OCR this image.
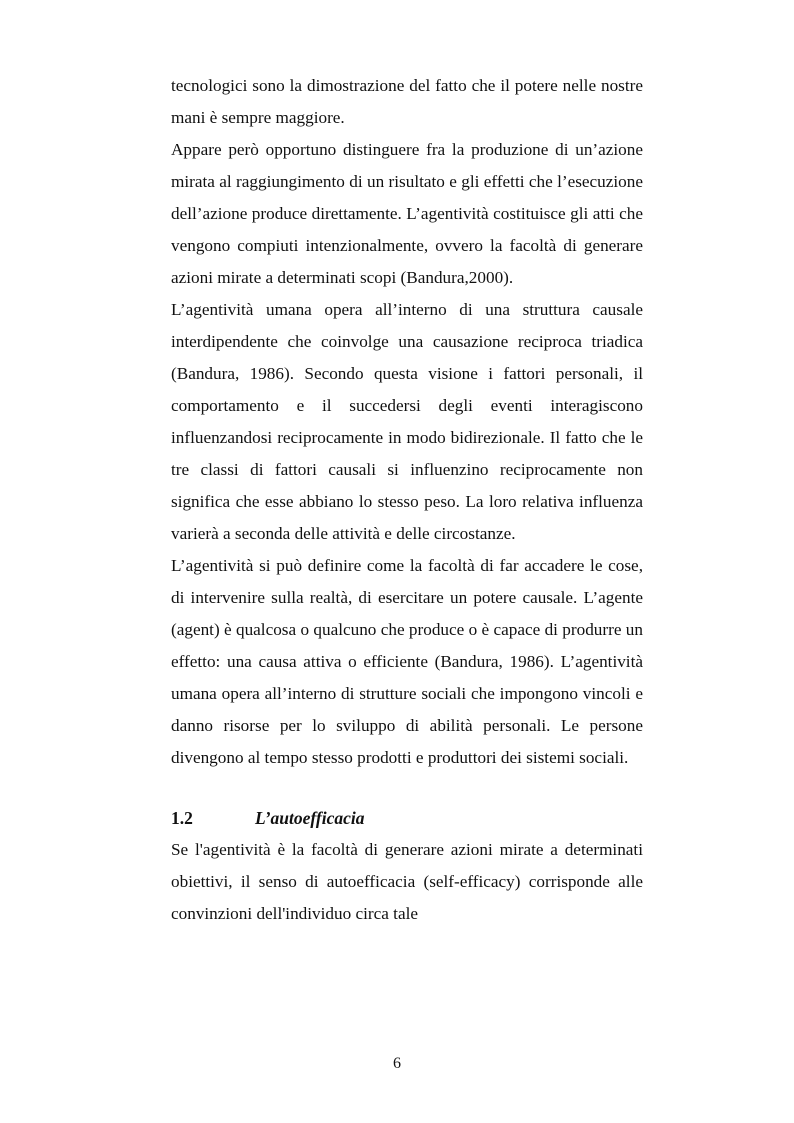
tecnologici sono la dimostrazione del fatto che il potere nelle nostre mani è sempre maggiore.

Appare però opportuno distinguere fra la produzione di un’azione mirata al raggiungimento di un risultato e gli effetti che l’esecuzione dell’azione produce direttamente. L’agentività costituisce gli atti che vengono compiuti intenzionalmente, ovvero la facoltà di generare azioni mirate a determinati scopi (Bandura,2000).

L’agentività umana opera all’interno di una struttura causale interdipendente che coinvolge una causazione reciproca triadica (Bandura, 1986). Secondo questa visione i fattori personali, il comportamento e il succedersi degli eventi interagiscono influenzandosi reciprocamente in modo bidirezionale. Il fatto che le tre classi di fattori causali si influenzino reciprocamente non significa che esse abbiano lo stesso peso. La loro relativa influenza varierà a seconda delle attività e delle circostanze.

L’agentività si può definire come la facoltà di far accadere le cose, di intervenire sulla realtà, di esercitare un potere causale. L’agente (agent) è qualcosa o qualcuno che produce o è capace di produrre un effetto: una causa attiva o efficiente (Bandura, 1986). L’agentività umana opera all’interno di strutture sociali che impongono vincoli e danno risorse per lo sviluppo di abilità personali. Le persone divengono al tempo stesso prodotti e produttori dei sistemi sociali.

1.2	L’autoefficacia

Se l'agentività è la facoltà di generare azioni mirate a determinati obiettivi, il senso di autoefficacia (self-efficacy) corrisponde alle convinzioni dell'individuo circa tale

6
